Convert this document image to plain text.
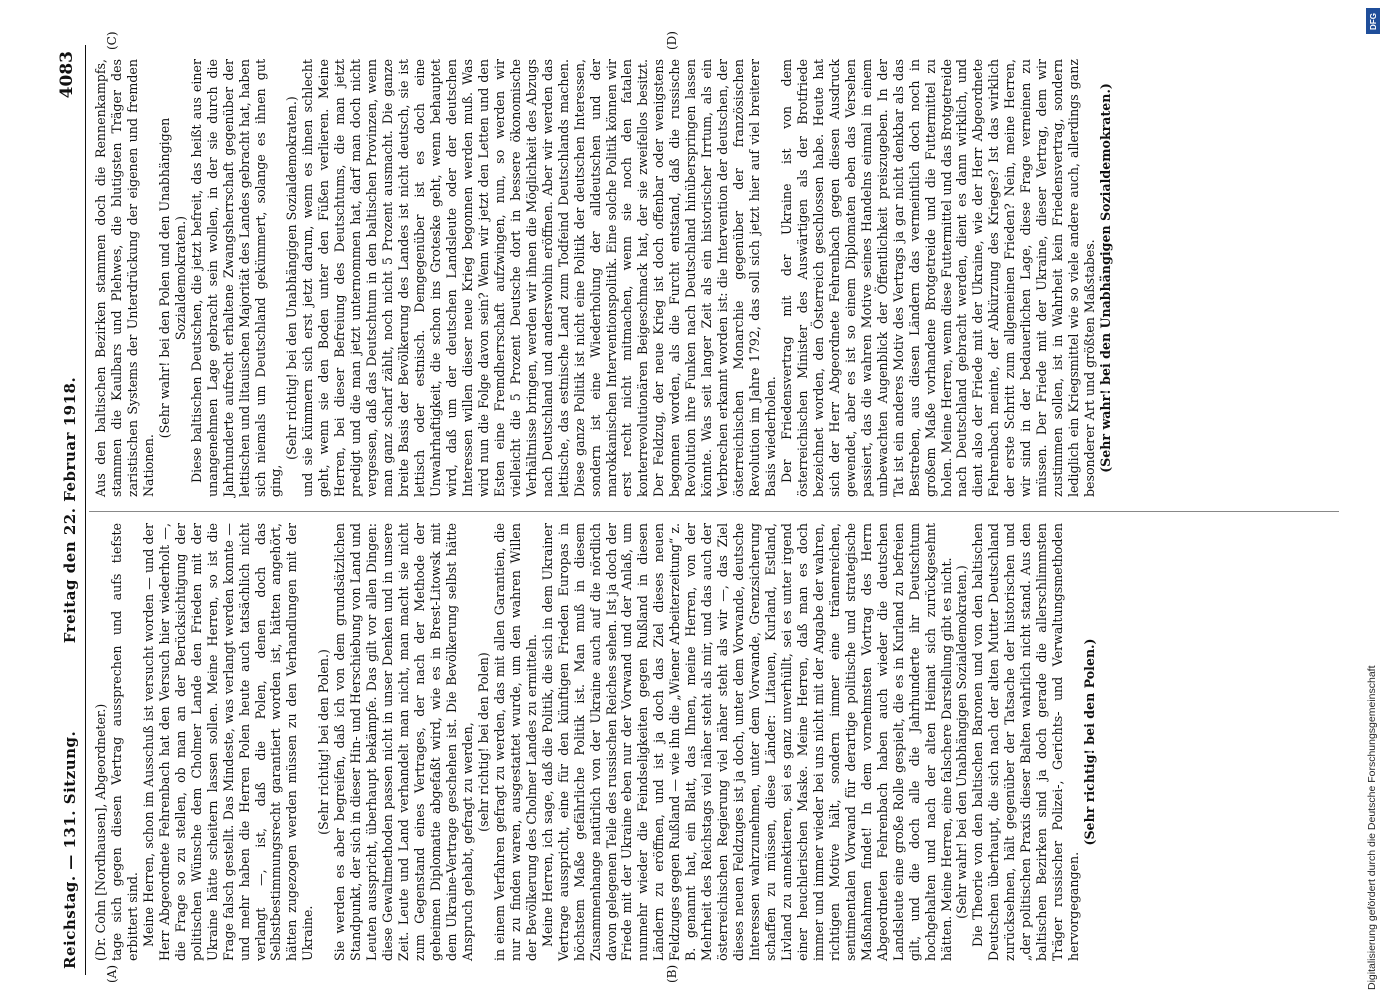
Reichstag. — 131. Sitzung.
Freitag den 22. Februar 1918.
4083
(A)	(B)
(C)	(D)

(Dr. Cohn [Nordhausen], Abgeordneter.) tage sich gegen diesen Vertrag aussprechen und aufs tiefste erbittert sind. Meine Herren, schon im Ausschuß ist versucht worden — und der Herr Abgeordnete Fehrenbach hat den Versuch hier wiederholt —, die Frage so zu stellen, ob man an der Berücksichtigung der politischen Wünsche dem Cholmer Lande den Frieden mit der Ukraine hätte scheitern lassen sollen. Meine Herren, so ist die Frage falsch gestellt. Das Mindeste, was verlangt werden konnte — und mehr haben die Herren Polen heute auch tatsächlich nicht verlangt —, ist, daß die Polen, denen doch das Selbstbestimmungsrecht garantiert worden ist, hätten angehört, hätten zugezogen werden müssen zu den Verhandlungen mit der Ukraine.

(Sehr richtig! bei den Polen.) Sie werden es aber begreifen, daß ich von dem grundsätzlichen Standpunkt, der sich in dieser Hin- und Herschiebung von Land und Leuten ausspricht, überhaupt bekämpfe. Das gilt vor allen Dingen: diese Gewaltmethoden passen nicht in unser Denken und in unsere Zeit. Leute und Land verhandelt man nicht, man macht sie nicht zum Gegenstand eines Vertrages, der nach der Methode der geheimen Diplomatie abgefaßt wird, wie es in Brest-Litowsk mit dem Ukraine-Vertrage geschehen ist. Die Bevölkerung selbst hätte Anspruch gehabt, gefragt zu werden, (sehr richtig! bei den Polen) in einem Verfahren gefragt zu werden, das mit allen Garantien, die nur zu finden waren, ausgestattet wurde, um den wahren Willen der Bevölkerung des Cholmer Landes zu ermitteln. Meine Herren, ich sage, daß die Politik, die sich in dem Ukrainer Vertrage ausspricht, eine für den künftigen Frieden Europas in höchstem Maße gefährliche Politik ist. Man muß in diesem Zusammenhange natürlich von der Ukraine auch auf die nördlich davon gelegenen Teile des russischen Reiches sehen. Ist ja doch der Friede mit der Ukraine eben nur der Vorwand und der Anlaß, um nunmehr wieder die Feindseligkeiten gegen Rußland in diesen Ländern zu eröffnen, und ist ja doch das Ziel dieses neuen Feldzuges gegen Rußland — wie ihn die „Wiener Arbeiterzeitung“ z. B. genannt hat, ein Blatt, das Ihnen, meine Herren, von der Mehrheit des Reichstags viel näher steht als mir, und das auch der österreichischen Regierung viel näher steht als wir —, das Ziel dieses neuen Feldzuges ist ja doch, unter dem Vorwande, deutsche Interessen wahrzunehmen, unter dem Vorwande, Grenzsicherung schaffen zu müssen, diese Länder: Litauen, Kurland, Estland, Livland zu annektieren, sei es ganz unverhüllt, sei es unter irgend einer heuchlerischen Maske. Meine Herren, daß man es doch immer und immer wieder bei uns nicht mit der Angabe der wahren, richtigen Motive hält, sondern immer eine tränenreichen, sentimentalen Vorwand für derartige politische und strategische Maßnahmen findet! In dem vornehmsten Vortrag des Herrn Abgeordneten Fehrenbach haben auch wieder die deutschen Landsleute eine große Rolle gespielt, die es in Kurland zu befreien gilt, und die doch alle die Jahrhunderte ihr Deutschtum hochgehalten und nach der alten Heimat sich zurückgesehnt hätten. Meine Herren, eine falschere Darstellung gibt es nicht. (Sehr wahr! bei den Unabhängigen Sozialdemokraten.) Die Theorie von den baltischen Baronen und von den baltischen Deutschen überhaupt, die sich nach der alten Mutter Deutschland zurücksehnen, hält gegenüber der Tatsache der historischen und „der politischen Praxis dieser Balten wahrlich nicht stand. Aus den baltischen Bezirken sind ja doch gerade die allerschlimmsten Träger russischer Polizei-, Gerichts- und Verwaltungsmethoden hervorgegangen.

(Sehr richtig! bei den Polen.)

Aus den baltischen Bezirken stammen doch die Rennenkampfs, stammen die Kaulbars und Plehwes, die blutigsten Träger des zaristischen Systems der Unterdrückung der eigenen und fremden Nationen.

(Sehr wahr! bei den Polen und den Unabhängigen Sozialdemokraten.) Diese baltischen Deutschen, die jetzt befreit, das heißt aus einer unangenehmen Lage gebracht sein wollen, in der sie durch die Jahrhunderte aufrecht erhaltene Zwangsherrschaft gegenüber der lettischen und litauischen Majorität des Landes gebracht hat, haben sich niemals um Deutschland gekümmert, solange es ihnen gut ging,

(Sehr richtig! bei den Unabhängigen Sozialdemokraten.) und sie kümmern sich erst jetzt darum, wenn es ihnen schlecht geht, wenn sie den Boden unter den Füßen verlieren. Meine Herren, bei dieser Befreiung des Deutschtums, die man jetzt predigt und die man jetzt unternommen hat, darf man doch nicht vergessen, daß das Deutschtum in den baltischen Provinzen, wenn man ganz scharf zählt, noch nicht 5 Prozent ausmacht. Die ganze breite Basis der Bevölkerung des Landes ist nicht deutsch, sie ist lettisch oder estnisch. Demgegenüber ist es doch eine Unwahrhaftigkeit, die schon ins Groteske geht, wenn behauptet wird, daß um der deutschen Landsleute oder der deutschen Interessen willen dieser neue Krieg begonnen werden muß. Was wird nun die Folge davon sein? Wenn wir jetzt den Letten und den Esten eine Fremdherrschaft aufzwingen, nun, so werden wir vielleicht die 5 Prozent Deutsche dort in bessere ökonomische Verhältnisse bringen, werden wir ihnen die Möglichkeit des Abzugs nach Deutschland und anderswohin eröffnen. Aber wir werden das lettische, das estnische Land zum Todfeind Deutschlands machen. Diese ganze Politik ist nicht eine Politik der deutschen Interessen, sondern ist eine Wiederholung der alldeutschen und der marokkanischen Interventionspolitik. Eine solche Politik können wir erst recht nicht mitmachen, wenn sie noch den fatalen konterrevolutionären Beigeschmack hat, der sie zweifellos besitzt. Der Feldzug, der neue Krieg ist doch offenbar oder wenigstens begonnen worden, als die Furcht entstand, daß die russische Revolution ihre Funken nach Deutschland hinüberspringen lassen könnte. Was seit langer Zeit als ein historischer Irrtum, als ein Verbrechen erkannt worden ist: die Intervention der deutschen, der österreichischen Monarchie gegenüber der französischen Revolution im Jahre 1792, das soll sich jetzt hier auf viel breiterer Basis wiederholen. Der Friedensvertrag mit der Ukraine ist von dem österreichischen Minister des Auswärtigen als der Brotfriede bezeichnet worden, den Österreich geschlossen habe. Heute hat sich der Herr Abgeordnete Fehrenbach gegen diesen Ausdruck gewendet, aber es ist so einem Diplomaten eben das Versehen passiert, das die wahren Motive seines Handelns einmal in einem unbewachten Augenblick der Öffentlichkeit preiszugeben. In der Tat ist ein anderes Motiv des Vertrags ja gar nicht denkbar als das Bestreben, aus diesen Ländern das vermeintlich doch noch in großem Maße vorhandene Brotgetreide und die Futtermittel zu holen. Meine Herren, wenn diese Futtermittel und das Brotgetreide nach Deutschland gebracht werden, dient es dann wirklich, und dient also der Friede mit der Ukraine, wie der Herr Abgeordnete Fehrenbach meinte, der Abkürzung des Krieges? Ist das wirklich der erste Schritt zum allgemeinen Frieden? Nein, meine Herren, wir sind in der bedauerlichen Lage, diese Frage verneinen zu müssen. Der Friede mit der Ukraine, dieser Vertrag, dem wir zustimmen sollen, ist in Wahrheit kein Friedensvertrag, sondern lediglich ein Kriegsmittel wie so viele andere auch, allerdings ganz besonderer Art und größten Maßstabes. (Sehr wahr! bei den Unabhängigen Sozialdemokraten.)

DFG
Digitalisierung gefördert durch die Deutsche Forschungsgemeinschaft
